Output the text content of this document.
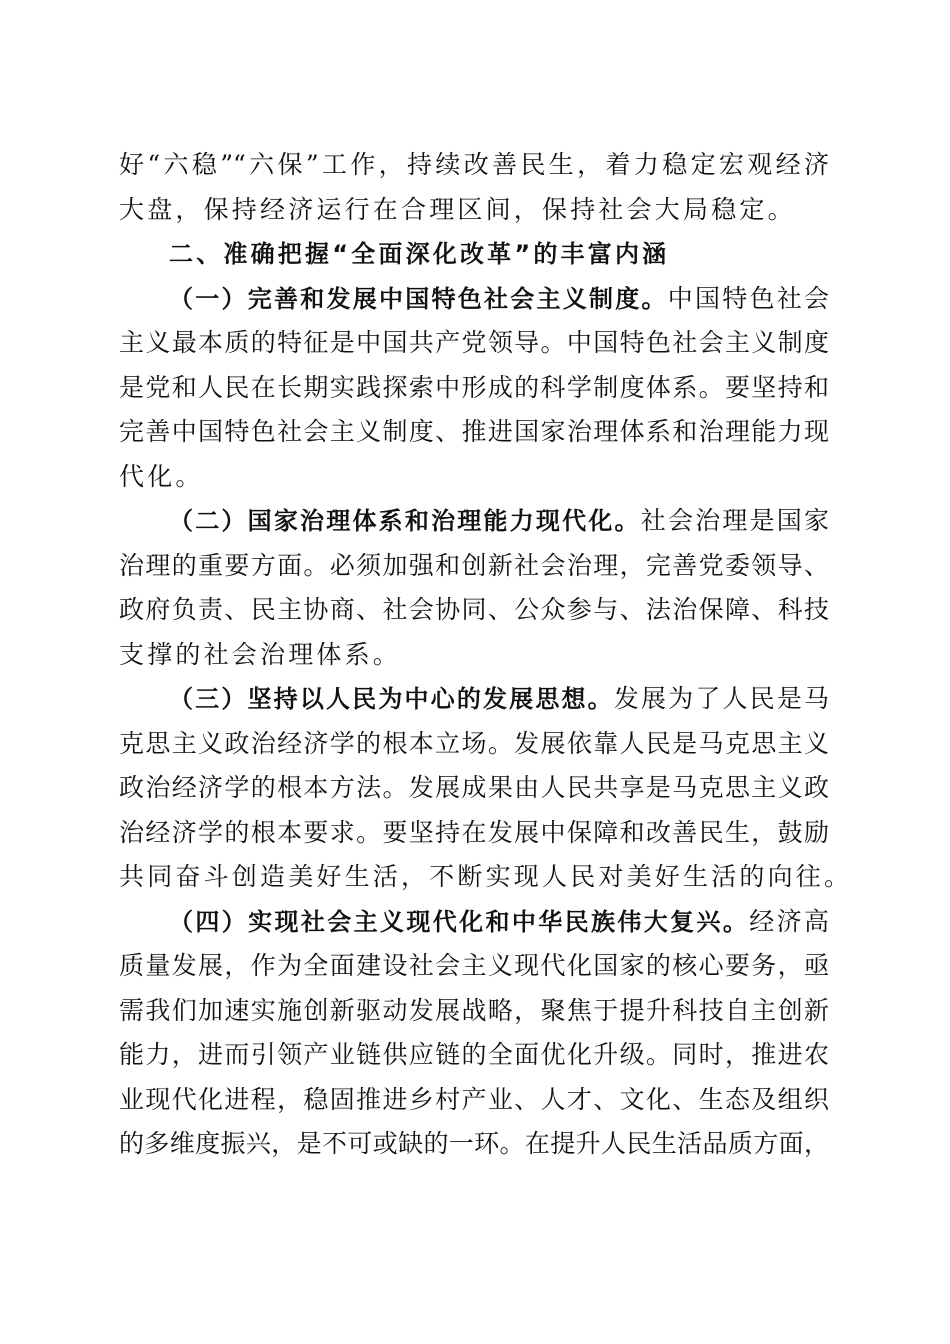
好“六稳”“六保”工作，持续改善民生，着力稳定宏观经济
大盘，保持经济运行在合理区间，保持社会大局稳定。
二、准确把握“全面深化改革”的丰富内涵
（一）完善和发展中国特色社会主义制度。中国特色社会
主义最本质的特征是中国共产党领导。中国特色社会主义制度
是党和人民在长期实践探索中形成的科学制度体系。要坚持和
完善中国特色社会主义制度、推进国家治理体系和治理能力现
代化。
（二）国家治理体系和治理能力现代化。社会治理是国家
治理的重要方面。必须加强和创新社会治理，完善党委领导、
政府负责、民主协商、社会协同、公众参与、法治保障、科技
支撑的社会治理体系。
（三）坚持以人民为中心的发展思想。发展为了人民是马
克思主义政治经济学的根本立场。发展依靠人民是马克思主义
政治经济学的根本方法。发展成果由人民共享是马克思主义政
治经济学的根本要求。要坚持在发展中保障和改善民生，鼓励
共同奋斗创造美好生活，不断实现人民对美好生活的向往。
（四）实现社会主义现代化和中华民族伟大复兴。经济高
质量发展，作为全面建设社会主义现代化国家的核心要务，亟
需我们加速实施创新驱动发展战略，聚焦于提升科技自主创新
能力，进而引领产业链供应链的全面优化升级。同时，推进农
业现代化进程，稳固推进乡村产业、人才、文化、生态及组织
的多维度振兴，是不可或缺的一环。在提升人民生活品质方面，
